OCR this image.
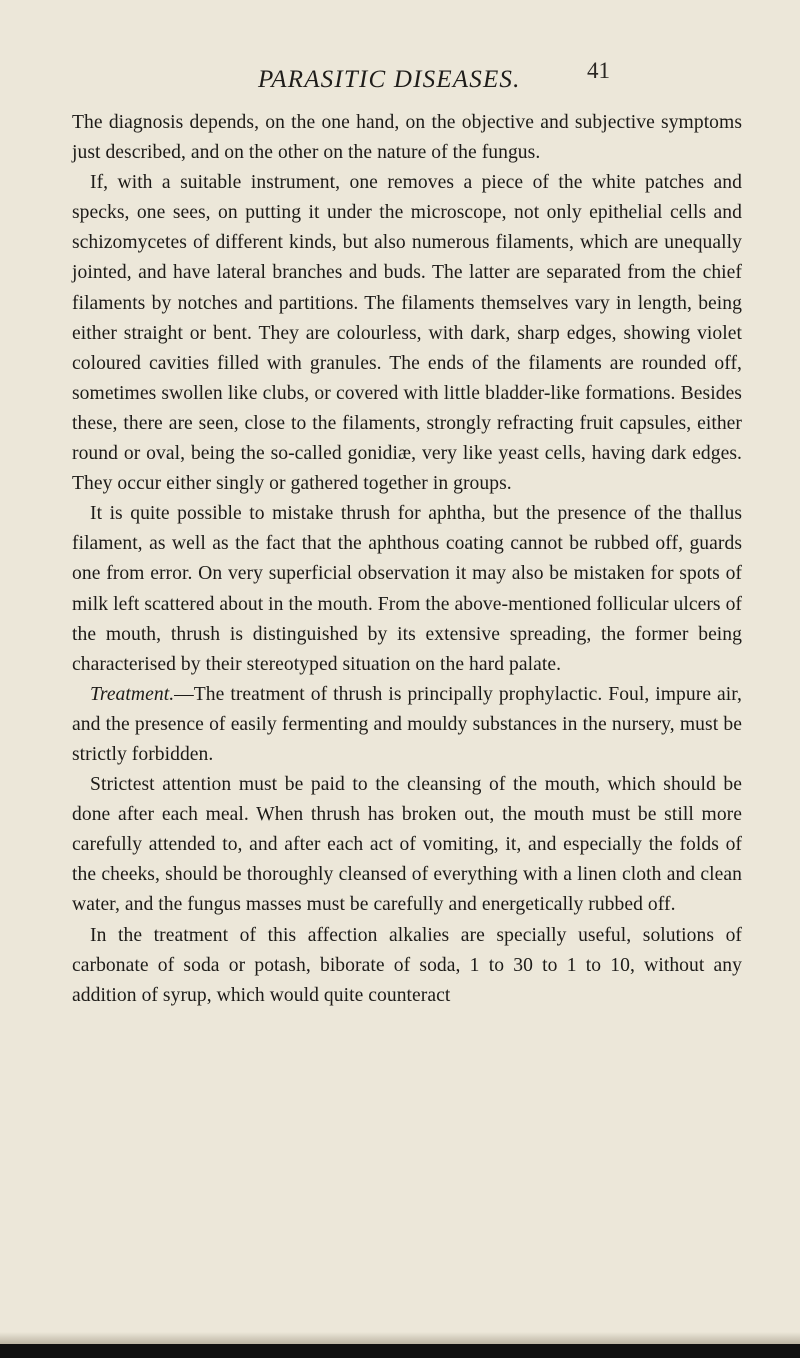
PARASITIC DISEASES.	41

The diagnosis depends, on the one hand, on the objective and subjective symptoms just described, and on the other on the nature of the fungus.

If, with a suitable instrument, one removes a piece of the white patches and specks, one sees, on putting it under the microscope, not only epithelial cells and schizomycetes of different kinds, but also numerous filaments, which are unequally jointed, and have lateral branches and buds. The latter are separated from the chief filaments by notches and partitions. The filaments themselves vary in length, being either straight or bent. They are colourless, with dark, sharp edges, showing violet coloured cavities filled with granules. The ends of the filaments are rounded off, sometimes swollen like clubs, or covered with little bladder-like formations. Besides these, there are seen, close to the filaments, strongly refracting fruit capsules, either round or oval, being the so-called gonidiæ, very like yeast cells, having dark edges. They occur either singly or gathered together in groups.

It is quite possible to mistake thrush for aphtha, but the presence of the thallus filament, as well as the fact that the aphthous coating cannot be rubbed off, guards one from error. On very superficial observation it may also be mistaken for spots of milk left scattered about in the mouth. From the above-mentioned follicular ulcers of the mouth, thrush is distinguished by its extensive spreading, the former being characterised by their stereotyped situation on the hard palate.

Treatment.—The treatment of thrush is principally prophylactic. Foul, impure air, and the presence of easily fermenting and mouldy substances in the nursery, must be strictly forbidden.

Strictest attention must be paid to the cleansing of the mouth, which should be done after each meal. When thrush has broken out, the mouth must be still more carefully attended to, and after each act of vomiting, it, and especially the folds of the cheeks, should be thoroughly cleansed of everything with a linen cloth and clean water, and the fungus masses must be carefully and energetically rubbed off.

In the treatment of this affection alkalies are specially useful, solutions of carbonate of soda or potash, biborate of soda, 1 to 30 to 1 to 10, without any addition of syrup, which would quite counteract
